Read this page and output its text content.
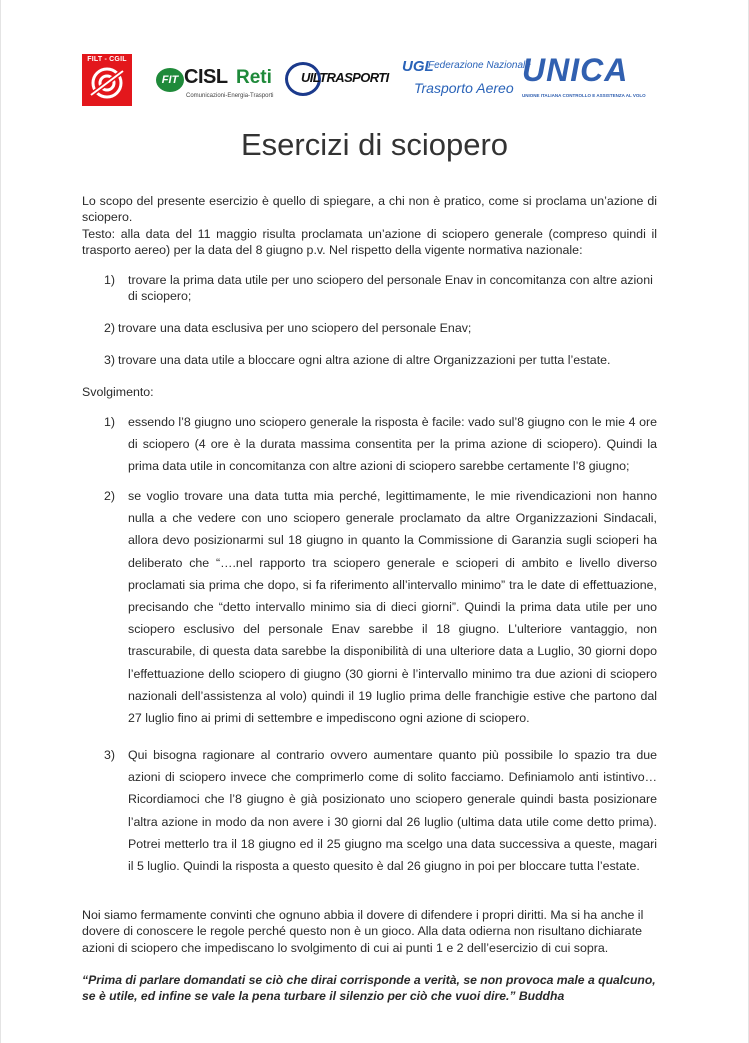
FILT - CGIL
FIT CISL Reti
Comunicazioni-Energia-Trasporti
UILTRASPORTI
UGL
Federazione Nazionale
Trasporto Aereo UNICA
UNIONE ITALIANA CONTROLLO E ASSISTENZA AL VOLO
Esercizi di sciopero
Lo scopo del presente esercizio è quello di spiegare, a chi non è pratico, come si proclama un’azione di sciopero.
Testo: alla data del 11 maggio risulta proclamata un’azione di sciopero generale (compreso quindi il trasporto aereo) per la data del 8 giugno p.v. Nel rispetto della vigente normativa nazionale:
1) trovare la prima data utile per uno sciopero del personale Enav in concomitanza con altre azioni di sciopero;
2) trovare una data esclusiva per uno sciopero del personale Enav;
3) trovare una data utile a bloccare ogni altra azione di altre Organizzazioni per tutta l’estate.
Svolgimento:
1) essendo l’8 giugno uno sciopero generale la risposta è facile: vado sul’8 giugno con le mie 4 ore di sciopero (4 ore è la durata massima consentita per la prima azione di sciopero). Quindi la prima data utile in concomitanza con altre azioni di sciopero sarebbe certamente l’8 giugno;
2) se voglio trovare una data tutta mia perché, legittimamente, le mie rivendicazioni non hanno nulla a che vedere con uno sciopero generale proclamato da altre Organizzazioni Sindacali, allora devo posizionarmi sul 18 giugno in quanto la Commissione di Garanzia sugli scioperi ha deliberato che “….nel rapporto tra sciopero generale e scioperi di ambito e livello diverso proclamati sia prima che dopo, si fa riferimento all’intervallo minimo” tra le date di effettuazione, precisando che “detto intervallo minimo sia di dieci giorni”. Quindi la prima data utile per uno sciopero esclusivo del personale Enav sarebbe il 18 giugno. L’ulteriore vantaggio, non trascurabile, di questa data sarebbe la disponibilità di una ulteriore data a Luglio, 30 giorni dopo l’effettuazione dello sciopero di giugno (30 giorni è l’intervallo minimo tra due azioni di sciopero nazionali dell’assistenza al volo) quindi il 19 luglio prima delle franchigie estive che partono dal 27 luglio fino ai primi di settembre e impediscono ogni azione di sciopero.
3) Qui bisogna ragionare al contrario ovvero aumentare quanto più possibile lo spazio tra due azioni di sciopero invece che comprimerlo come di solito facciamo. Definiamolo anti istintivo… Ricordiamoci che l’8 giugno è già posizionato uno sciopero generale quindi basta posizionare l’altra azione in modo da non avere i 30 giorni dal 26 luglio (ultima data utile come detto prima). Potrei metterlo tra il 18 giugno ed il 25 giugno ma scelgo una data successiva a queste, magari il 5 luglio. Quindi la risposta a questo quesito è dal 26 giugno in poi per bloccare tutta l’estate.
Noi siamo fermamente convinti che ognuno abbia il dovere di difendere i propri diritti. Ma si ha anche il dovere di conoscere le regole perché questo non è un gioco. Alla data odierna non risultano dichiarate azioni di sciopero che impediscano lo svolgimento di cui ai punti 1 e 2 dell’esercizio di cui sopra.
“Prima di parlare domandati se ciò che dirai corrisponde a verità, se non provoca male a qualcuno, se è utile, ed infine se vale la pena turbare il silenzio per ciò che vuoi dire.” Buddha
